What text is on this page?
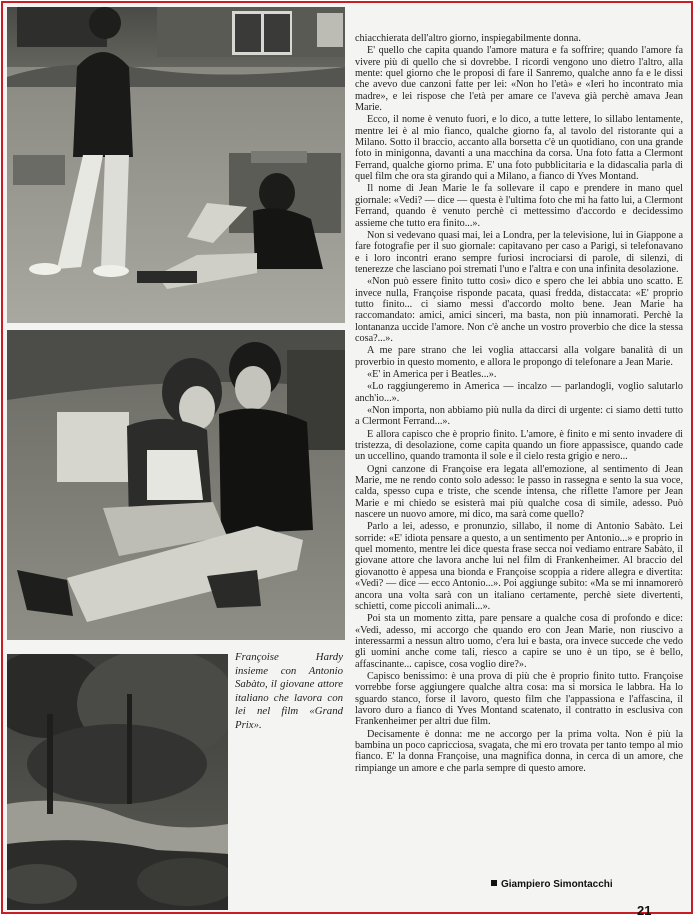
Françoise Hardy insieme con Antonio Sabàto, il giovane attore italiano che lavora con lei nel film «Grand Prix».

chiacchierata dell'altro giorno, inspiegabilmente donna.

E' quello che capita quando l'amore matura e fa soffrire; quando l'amore fa vivere più di quello che si dovrebbe. I ricordi vengono uno dietro l'altro, alla mente: quel giorno che le proposi di fare il Sanremo, qualche anno fa e le dissi che avevo due canzoni fatte per lei: «Non ho l'età» e «Ieri ho incontrato mia madre», e lei rispose che l'età per amare ce l'aveva già perchè amava Jean Marie.

Ecco, il nome è venuto fuori, e lo dico, a tutte lettere, lo sillabo lentamente, mentre lei è al mio fianco, qualche giorno fa, al tavolo del ristorante qui a Milano. Sotto il braccio, accanto alla borsetta c'è un quotidiano, con una grande foto in minigonna, davanti a una macchina da corsa. Una foto fatta a Clermont Ferrand, qualche giorno prima. E' una foto pubblicitaria e la didascalia parla di quel film che ora sta girando qui a Milano, a fianco di Yves Montand.

Il nome di Jean Marie le fa sollevare il capo e prendere in mano quel giornale: «Vedi? — dice — questa è l'ultima foto che mi ha fatto lui, a Clermont Ferrand, quando è venuto perchè ci mettessimo d'accordo e decidessimo assieme che tutto era finito...».

Non si vedevano quasi mai, lei a Londra, per la televisione, lui in Giappone a fare fotografie per il suo giornale: capitavano per caso a Parigi, si telefonavano e i loro incontri erano sempre furiosi incrociarsi di parole, di silenzi, di tenerezze che lasciano poi stremati l'uno e l'altra e con una infinita desolazione.

«Non può essere finito tutto così» dico e spero che lei abbia uno scatto. E invece nulla, Françoise risponde pacata, quasi fredda, distaccata: «E' proprio tutto finito... ci siamo messi d'accordo molto bene. Jean Marie ha raccomandato: amici, amici sinceri, ma basta, non più innamorati. Perchè la lontananza uccide l'amore. Non c'è anche un vostro proverbio che dice la stessa cosa?...».

A me pare strano che lei voglia attaccarsi alla volgare banalità di un proverbio in questo momento, e allora le propongo di telefonare a Jean Marie.

«E' in America per i Beatles...».

«Lo raggiungeremo in America — incalzo — parlandogli, voglio salutarlo anch'io...».

«Non importa, non abbiamo più nulla da dirci di urgente: ci siamo detti tutto a Clermont Ferrand...».

E allora capisco che è proprio finito. L'amore, è finito e mi sento invadere di tristezza, di desolazione, come capita quando un fiore appassisce, quando cade un uccellino, quando tramonta il sole e il cielo resta grigio e nero...

Ogni canzone di Françoise era legata all'emozione, al sentimento di Jean Marie, me ne rendo conto solo adesso: le passo in rassegna e sento la sua voce, calda, spesso cupa e triste, che scende intensa, che riflette l'amore per Jean Marie e mi chiedo se esisterà mai più qualche cosa di simile, adesso. Può nascere un nuovo amore, mi dico, ma sarà come quello?

Parlo a lei, adesso, e pronunzio, sillabo, il nome di Antonio Sabàto. Lei sorride: «E' idiota pensare a questo, a un sentimento per Antonio...» e proprio in quel momento, mentre lei dice questa frase secca noi vediamo entrare Sabàto, il giovane attore che lavora anche lui nel film di Frankenheimer. Al braccio del giovanotto è appesa una bionda e Françoise scoppia a ridere allegra e divertita: «Vedi? — dice — ecco Antonio...». Poi aggiunge subito: «Ma se mi innamorerò ancora una volta sarà con un italiano certamente, perchè siete divertenti, schietti, come piccoli animali...».

Poi sta un momento zitta, pare pensare a qualche cosa di profondo e dice: «Vedi, adesso, mi accorgo che quando ero con Jean Marie, non riuscivo a interessarmi a nessun altro uomo, c'era lui e basta, ora invece succede che vedo gli uomini anche come tali, riesco a capire se uno è un tipo, se è bello, affascinante... capisce, cosa voglio dire?».

Capisco benissimo: è una prova di più che è proprio finito tutto. Françoise vorrebbe forse aggiungere qualche altra cosa: ma si morsica le labbra. Ha lo sguardo stanco, forse il lavoro, questo film che l'appassiona e l'affascina, il lavoro duro a fianco di Yves Montand scatenato, il contratto in esclusiva con Frankenheimer per altri due film.

Decisamente è donna: me ne accorgo per la prima volta. Non è più la bambina un poco capricciosa, svagata, che mi ero trovata per tanto tempo al mio fianco. E' la donna Françoise, una magnifica donna, in cerca di un amore, che rimpiange un amore e che parla sempre di questo amore.

Giampiero Simontacchi
21
